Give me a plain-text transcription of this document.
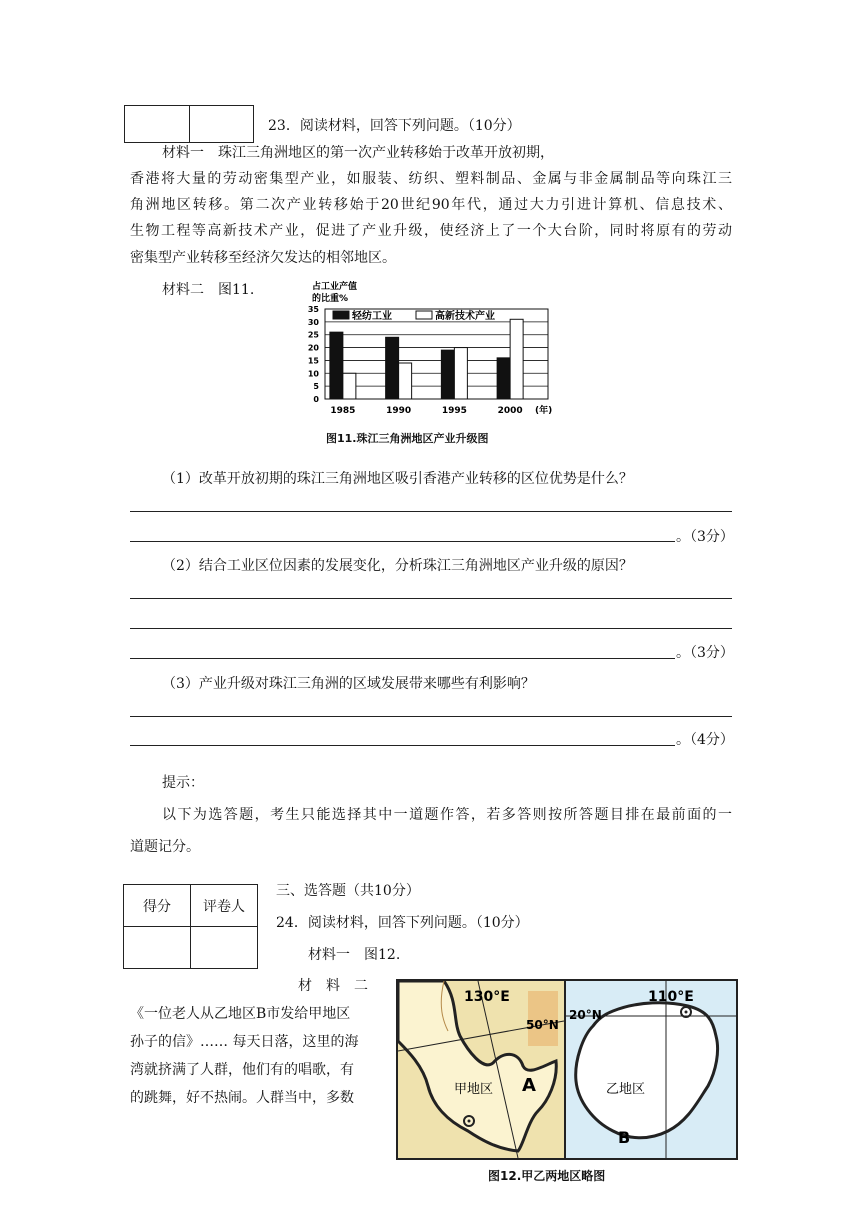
23．阅读材料，回答下列问题。（10分）
材料一　珠江三角洲地区的第一次产业转移始于改革开放初期，
香港将大量的劳动密集型产业，如服装、纺织、塑料制品、金属与非金属制品等向珠江三
角洲地区转移。第二次产业转移始于20世纪90年代，通过大力引进计算机、信息技术、
生物工程等高新技术产业，促进了产业升级，使经济上了一个大台阶，同时将原有的劳动
密集型产业转移至经济欠发达的相邻地区。
材料二　图11.	占工业产值
的比重%
0
5
10
15
20
25
30
35
1985	1990	1995	2000 (年)
轻纺工业	高新技术产业
图11.珠江三角洲地区产业升级图
（1）改革开放初期的珠江三角洲地区吸引香港产业转移的区位优势是什么？
。（3分）
（2）结合工业区位因素的发展变化，分析珠江三角洲地区产业升级的原因？
。（3分）
（3）产业升级对珠江三角洲的区域发展带来哪些有利影响？
。（4分）
提示：
以下为选答题，考生只能选择其中一道题作答，若多答则按所答题目排在最前面的一
道题记分。
得分	评卷人

三、选答题（共10分）
24．阅读材料，回答下列问题。（10分）
材料一　图12.
材　料　二
《一位老人从乙地区B市发给甲地区
孙子的信》…… 每天日落，这里的海
湾就挤满了人群，他们有的唱歌，有
的跳舞，好不热闹。人群当中，多数
130°E
50°N
甲地区 A
110°E
20°N
乙地区
B
图12.甲乙两地区略图
